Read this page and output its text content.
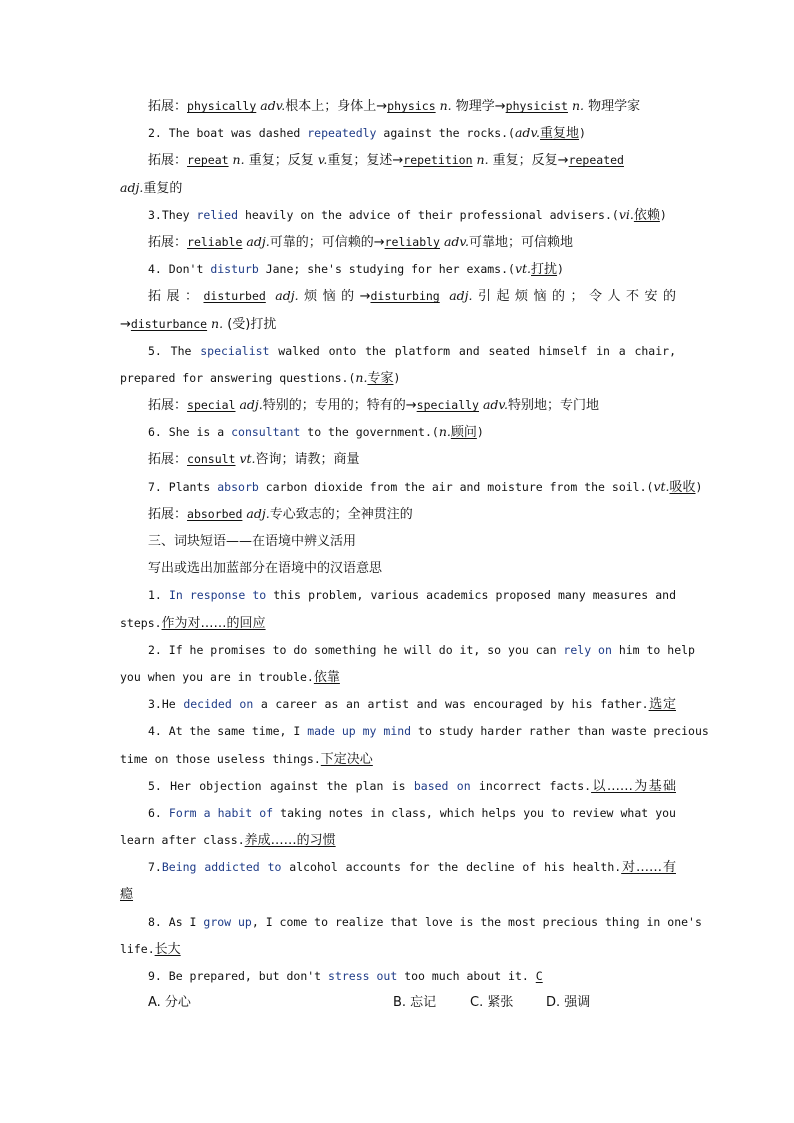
拓展：physically adv.根本上；身体上→physics n. 物理学→physicist n. 物理学家
2. The boat was dashed repeatedly against the rocks.(adv.重复地)
拓展：repeat n. 重复；反复 v.重复；复述→repetition n. 重复；反复→repeated
adj.重复的
3.They relied heavily on the advice of their professional advisers.(vi.依赖)
拓展：reliable adj.可靠的；可信赖的→reliably adv.可靠地；可信赖地
4. Don't disturb Jane; she's studying for her exams.(vt.打扰)
拓展：disturbed adj.烦恼的→disturbing adj.引起烦恼的；令人不安的
→disturbance n. (受)打扰
5. The specialist walked onto the platform and seated himself in a chair,
prepared for answering questions.(n.专家)
拓展：special adj.特别的；专用的；特有的→specially adv.特别地；专门地
6. She is a consultant to the government.(n.顾问)
拓展：consult vt.咨询；请教；商量
7. Plants absorb carbon dioxide from the air and moisture from the soil.(vt.吸收)
拓展：absorbed adj.专心致志的；全神贯注的
三、词块短语——在语境中辨义活用
写出或选出加蓝部分在语境中的汉语意思
1. In response to this problem, various academics proposed many measures and
steps.作为对……的回应
2. If he promises to do something he will do it, so you can rely on him to help
you when you are in trouble.依靠
3.He decided on a career as an artist and was encouraged by his father.选定
4. At the same time, I made up my mind to study harder rather than waste precious
time on those useless things.下定决心
5. Her objection against the plan is based on incorrect facts.以……为基础
6. Form a habit of taking notes in class, which helps you to review what you
learn after class.养成……的习惯
7.Being addicted to alcohol accounts for the decline of his health.对……有
瘾
8. As I grow up, I come to realize that love is the most precious thing in one's
life.长大
9. Be prepared, but don't stress out too much about it. C
A. 分心	B. 忘记	C. 紧张	D. 强调
